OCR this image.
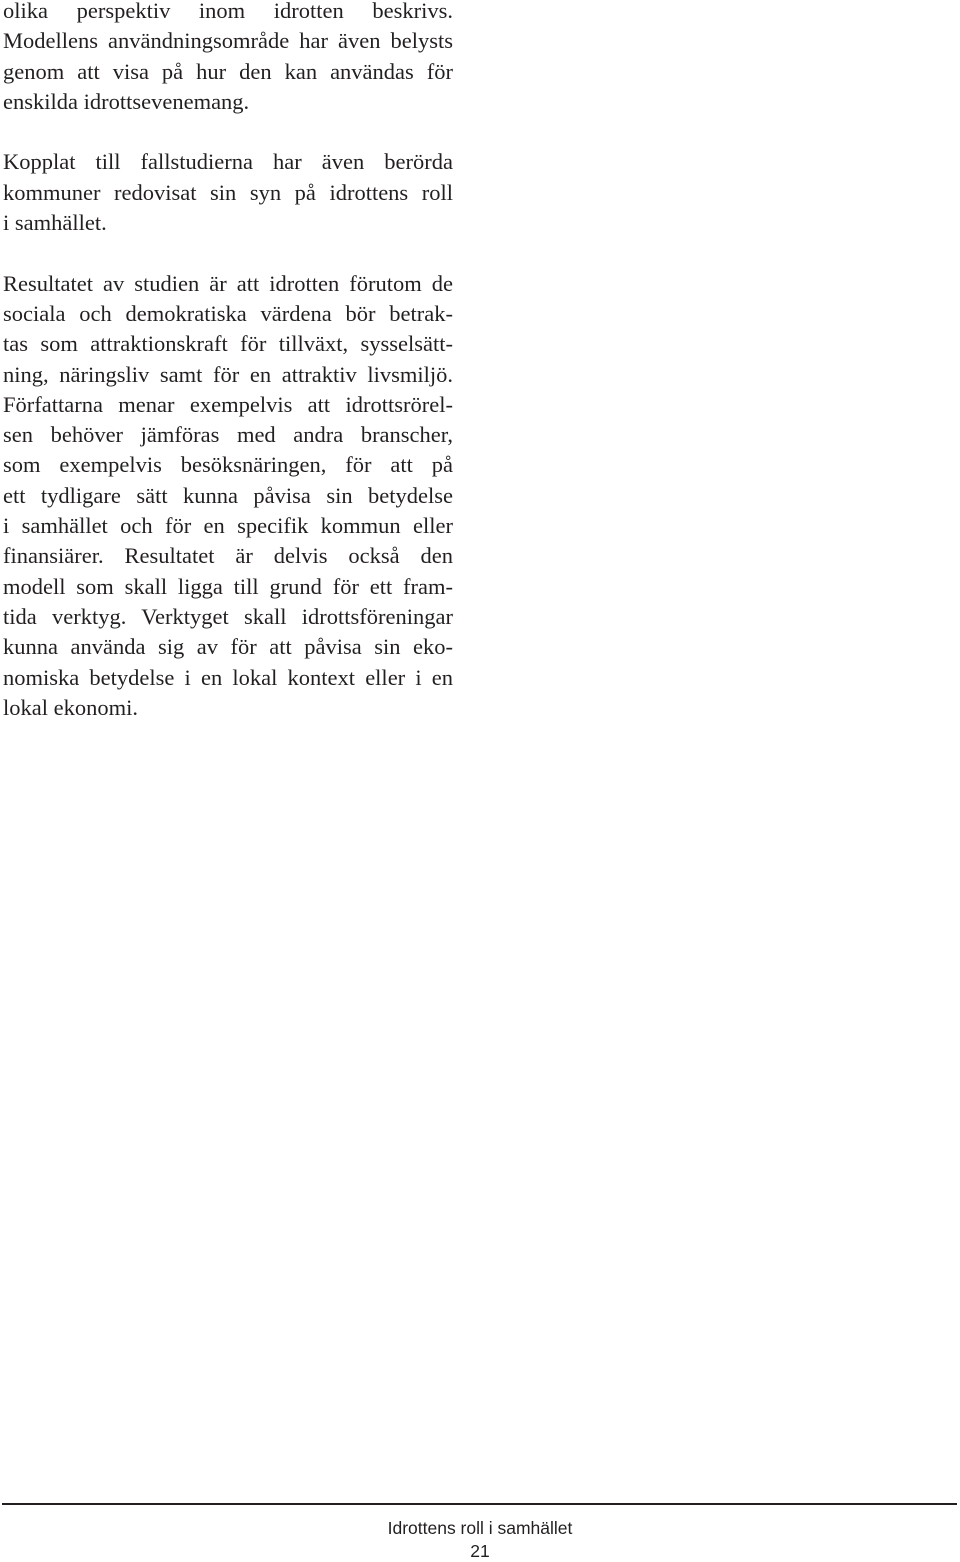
olika perspektiv inom idrotten beskrivs.
Modellens användningsområde har även belysts
genom att visa på hur den kan användas för
enskilda idrottsevenemang.

Kopplat till fallstudierna har även berörda
kommuner redovisat sin syn på idrottens roll
i samhället.

Resultatet av studien är att idrotten förutom de
sociala och demokratiska värdena bör betrak-
tas som attraktionskraft för tillväxt, sysselsätt-
ning, näringsliv samt för en attraktiv livsmiljö.
Författarna menar exempelvis att idrottsrörel-
sen behöver jämföras med andra branscher,
som exempelvis besöksnäringen, för att på
ett tydligare sätt kunna påvisa sin betydelse
i samhället och för en specifik kommun eller
finansiärer. Resultatet är delvis också den
modell som skall ligga till grund för ett fram-
tida verktyg. Verktyget skall idrottsföreningar
kunna använda sig av för att påvisa sin eko-
nomiska betydelse i en lokal kontext eller i en
lokal ekonomi.

Idrottens roll i samhället
21
